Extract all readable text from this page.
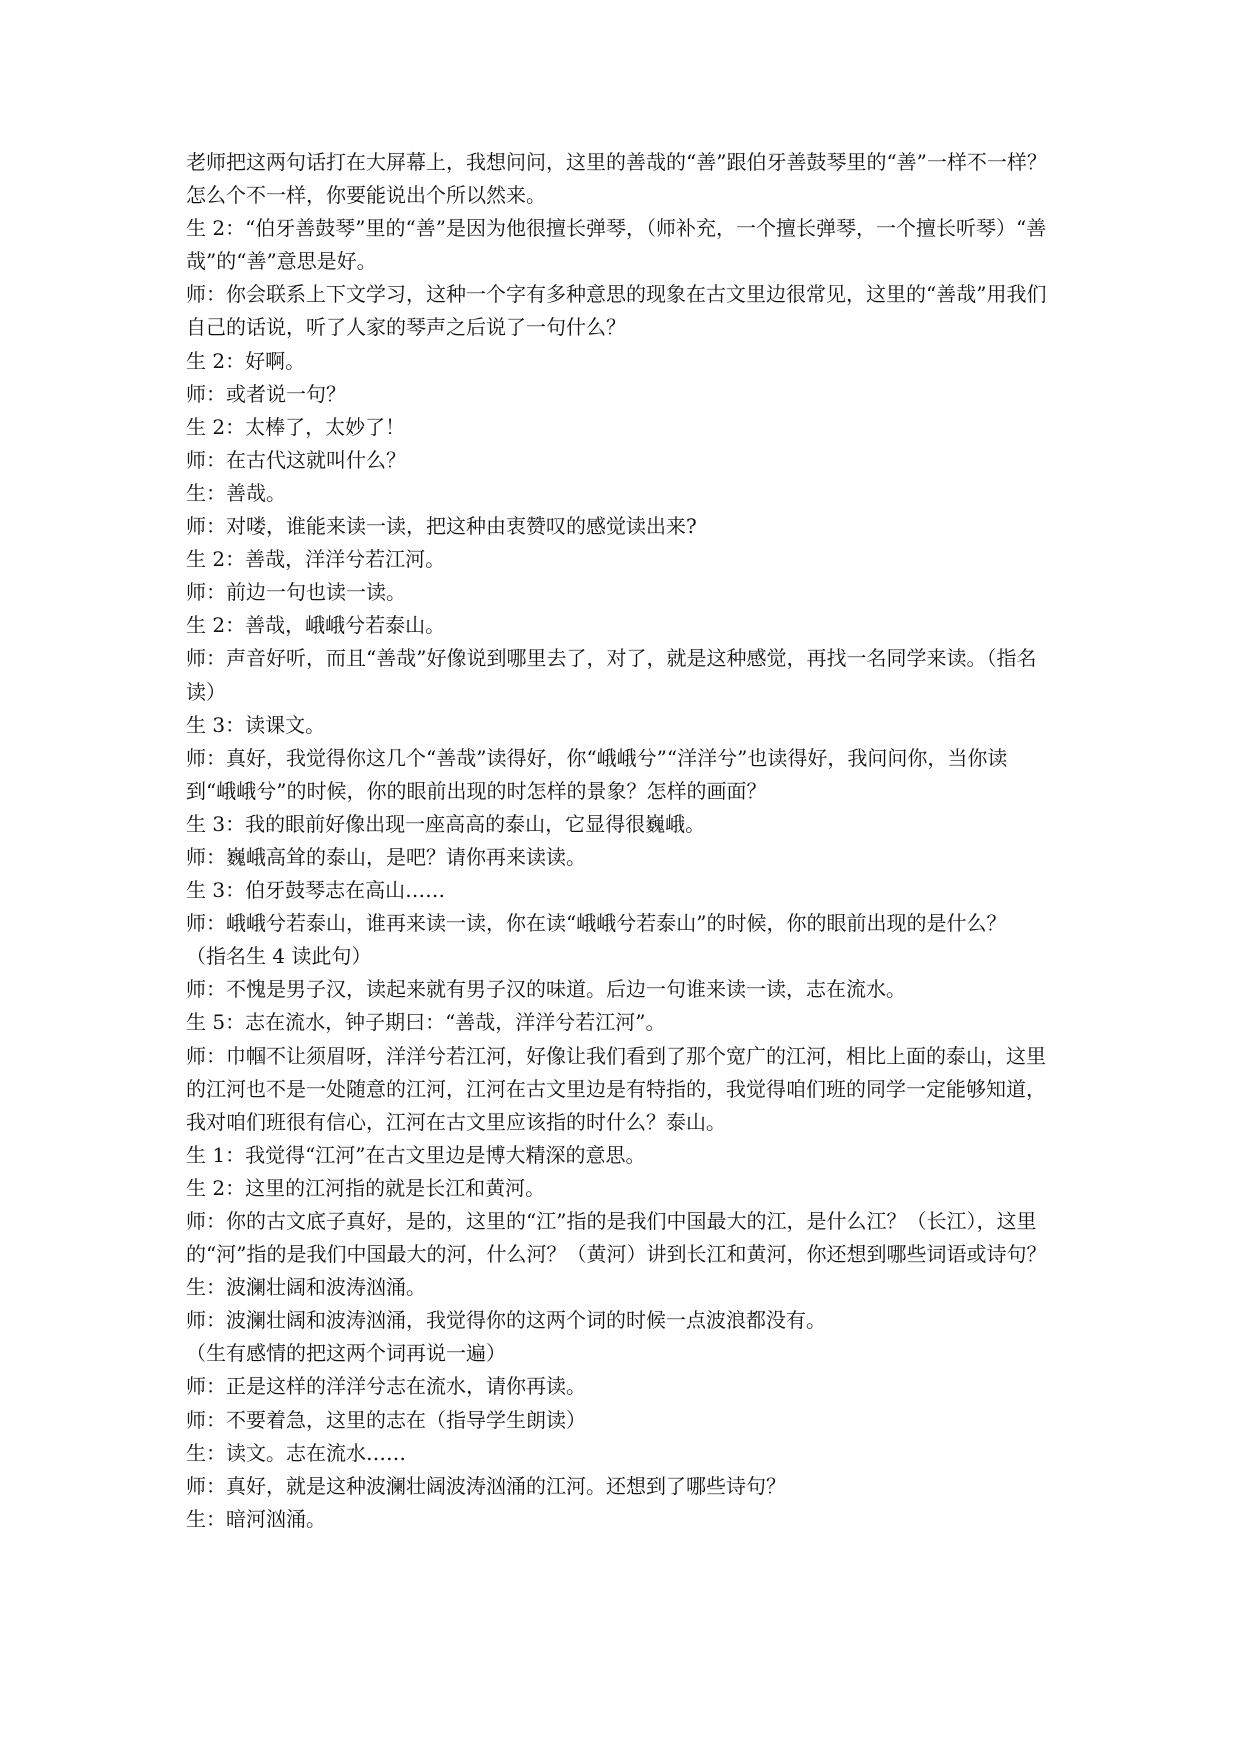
老师把这两句话打在大屏幕上，我想问问，这里的善哉的“善”跟伯牙善鼓琴里的“善”一样不一样？怎么个不一样，你要能说出个所以然来。

生 2：“伯牙善鼓琴”里的“善”是因为他很擅长弹琴，（师补充，一个擅长弹琴，一个擅长听琴）“善哉”的“善”意思是好。

师：你会联系上下文学习，这种一个字有多种意思的现象在古文里边很常见，这里的“善哉”用我们自己的话说，听了人家的琴声之后说了一句什么？

生 2：好啊。

师：或者说一句？

生 2：太棒了，太妙了！

师：在古代这就叫什么？

生：善哉。

师：对喽，谁能来读一读，把这种由衷赞叹的感觉读出来?

生 2：善哉，洋洋兮若江河。

师：前边一句也读一读。

生 2：善哉，峨峨兮若泰山。

师：声音好听，而且“善哉”好像说到哪里去了，对了，就是这种感觉，再找一名同学来读。（指名读）

生 3：读课文。

师：真好，我觉得你这几个“善哉”读得好，你“峨峨兮”“洋洋兮”也读得好，我问问你，当你读到“峨峨兮”的时候，你的眼前出现的时怎样的景象？怎样的画面？

生 3：我的眼前好像出现一座高高的泰山，它显得很巍峨。

师：巍峨高耸的泰山，是吧？请你再来读读。

生 3：伯牙鼓琴志在高山……

师：峨峨兮若泰山，谁再来读一读，你在读“峨峨兮若泰山”的时候，你的眼前出现的是什么？

（指名生 4 读此句）

师：不愧是男子汉，读起来就有男子汉的味道。后边一句谁来读一读，志在流水。

生 5：志在流水，钟子期曰：“善哉，洋洋兮若江河”。

师：巾帼不让须眉呀，洋洋兮若江河，好像让我们看到了那个宽广的江河，相比上面的泰山，这里的江河也不是一处随意的江河，江河在古文里边是有特指的，我觉得咱们班的同学一定能够知道，我对咱们班很有信心，江河在古文里应该指的时什么？泰山。

生 1：我觉得“江河”在古文里边是博大精深的意思。

生 2：这里的江河指的就是长江和黄河。

师：你的古文底子真好，是的，这里的“江”指的是我们中国最大的江，是什么江？（长江），这里的“河”指的是我们中国最大的河，什么河？（黄河）讲到长江和黄河，你还想到哪些词语或诗句？

生：波澜壮阔和波涛汹涌。

师：波澜壮阔和波涛汹涌，我觉得你的这两个词的时候一点波浪都没有。

（生有感情的把这两个词再说一遍）

师：正是这样的洋洋兮志在流水，请你再读。

师：不要着急，这里的志在（指导学生朗读）

生：读文。志在流水……

师：真好，就是这种波澜壮阔波涛汹涌的江河。还想到了哪些诗句？

生：暗河汹涌。
